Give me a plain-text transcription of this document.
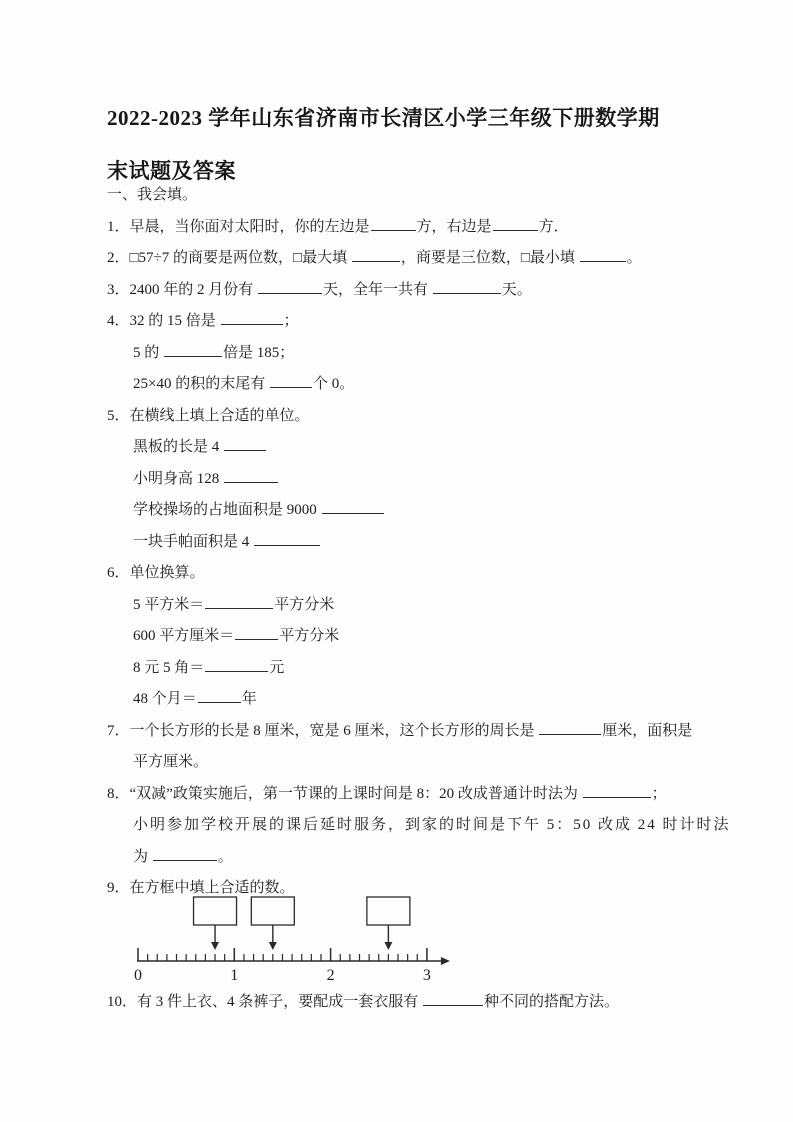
2022-2023 学年山东省济南市长清区小学三年级下册数学期
末试题及答案

一、我会填。

1．早晨，当你面对太阳时，你的左边是	方，右边是	方．

2．□57÷7 的商要是两位数，□最大填	，商要是三位数，□最小填	。

3．2400 年的 2 月份有	天，全年一共有	天。

4．32 的 15 倍是	；

5 的	倍是 185；

25×40 的积的末尾有	个 0。

5．在横线上填上合适的单位。

黑板的长是 4

小明身高 128

学校操场的占地面积是 9000

一块手帕面积是 4

6．单位换算。

5 平方米＝	平方分米

600 平方厘米＝	平方分米

8 元 5 角＝	元

48 个月＝	年

7．一个长方形的长是 8 厘米，宽是 6 厘米，这个长方形的周长是	厘米，面积是

平方厘米。

8．“双减”政策实施后，第一节课的上课时间是 8：20 改成普通计时法为	；

小明参加学校开展的课后延时服务，到家的时间是下午 5：50 改成 24 时计时法

为	。

9．在方框中填上合适的数。

0	1	2	3

10．有 3 件上衣、4 条裤子，要配成一套衣服有	种不同的搭配方法。
